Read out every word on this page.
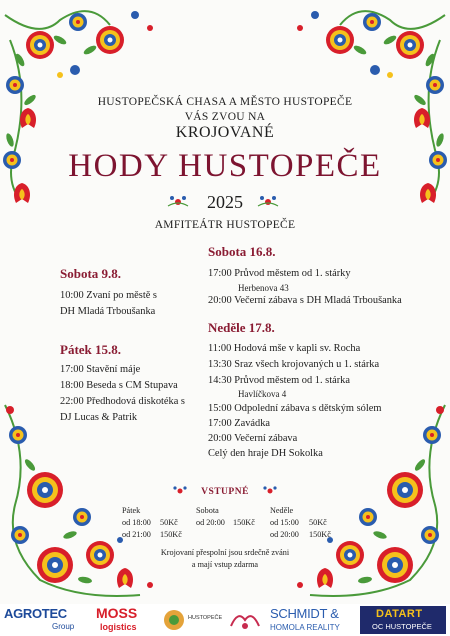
HUSTOPEČSKÁ CHASA A MĚSTO HUSTOPEČE
VÁS ZVOU NA
KROJOVANÉ
HODY HUSTOPEČE
2025
AMFITEÁTR HUSTOPEČE
Sobota 9.8.
10:00 Zvaní po městě s
DH Mladá Trboušanka
Pátek 15.8.
17:00 Stavění máje
18:00 Beseda s CM Stupava
22:00 Předhodová diskotéka s
DJ Lucas & Patrik
Sobota 16.8.
17:00 Průvod městem od 1. stárky
Herbenova 43
20:00 Večerní zábava s DH Mladá Trboušanka
Neděle 17.8.
11:00 Hodová mše v kapli sv. Rocha
13:30 Sraz všech krojovaných u 1. stárka
14:30 Průvod městem od 1. stárka
Havlíčkova 4
15:00 Odpolední zábava s dětským sólem
17:00 Zavádka
20:00 Večerní zábava
Celý den hraje DH Sokolka
VSTUPNÉ
Pátek
od 18:00 50Kč
od 21:00 150Kč
Sobota
od 20:00 150Kč
Neděle
od 15:00 50Kč
od 20:00 150Kč
Krojovaní přespolní jsou srdečně zváni
a mají vstup zdarma
AGROTEC
Group
MOSS
logistics
HUSTOPEČE	SCHMIDT &
HOMOLA REALITY
DATART
OC HUSTOPEČE
